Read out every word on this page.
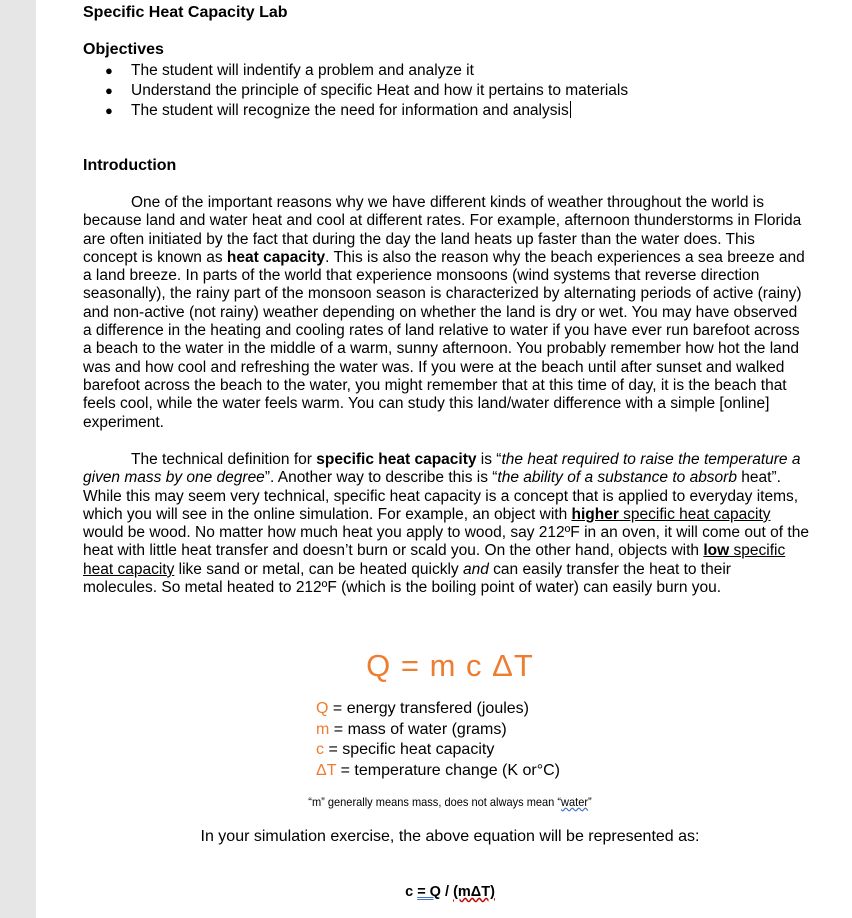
Specific Heat Capacity Lab
Objectives
● The student will indentify a problem and analyze it
● Understand the principle of specific Heat and how it pertains to materials
● The student will recognize the need for information and analysis
Introduction

One of the important reasons why we have different kinds of weather throughout the world is because land and water heat and cool at different rates. For example, afternoon thunderstorms in Florida are often initiated by the fact that during the day the land heats up faster than the water does. This concept is known as heat capacity. This is also the reason why the beach experiences a sea breeze and a land breeze. In parts of the world that experience monsoons (wind systems that reverse direction seasonally), the rainy part of the monsoon season is characterized by alternating periods of active (rainy) and non-active (not rainy) weather depending on whether the land is dry or wet. You may have observed a difference in the heating and cooling rates of land relative to water if you have ever run barefoot across a beach to the water in the middle of a warm, sunny afternoon. You probably remember how hot the land was and how cool and refreshing the water was. If you were at the beach until after sunset and walked barefoot across the beach to the water, you might remember that at this time of day, it is the beach that feels cool, while the water feels warm. You can study this land/water difference with a simple [online] experiment.

The technical definition for specific heat capacity is “the heat required to raise the temperature a given mass by one degree”. Another way to describe this is “the ability of a substance to absorb heat”. While this may seem very technical, specific heat capacity is a concept that is applied to everyday items, which you will see in the online simulation. For example, an object with higher specific heat capacity would be wood. No matter how much heat you apply to wood, say 212ºF in an oven, it will come out of the heat with little heat transfer and doesn’t burn or scald you. On the other hand, objects with low specific heat capacity like sand or metal, can be heated quickly and can easily transfer the heat to their molecules. So metal heated to 212ºF (which is the boiling point of water) can easily burn you.

Q = m c ΔT
Q = energy transfered (joules)
m = mass of water (grams)
c = specific heat capacity
ΔT = temperature change (K or°C)
“m” generally means mass, does not always mean “water”
In your simulation exercise, the above equation will be represented as:
c = Q / (mΔT)
